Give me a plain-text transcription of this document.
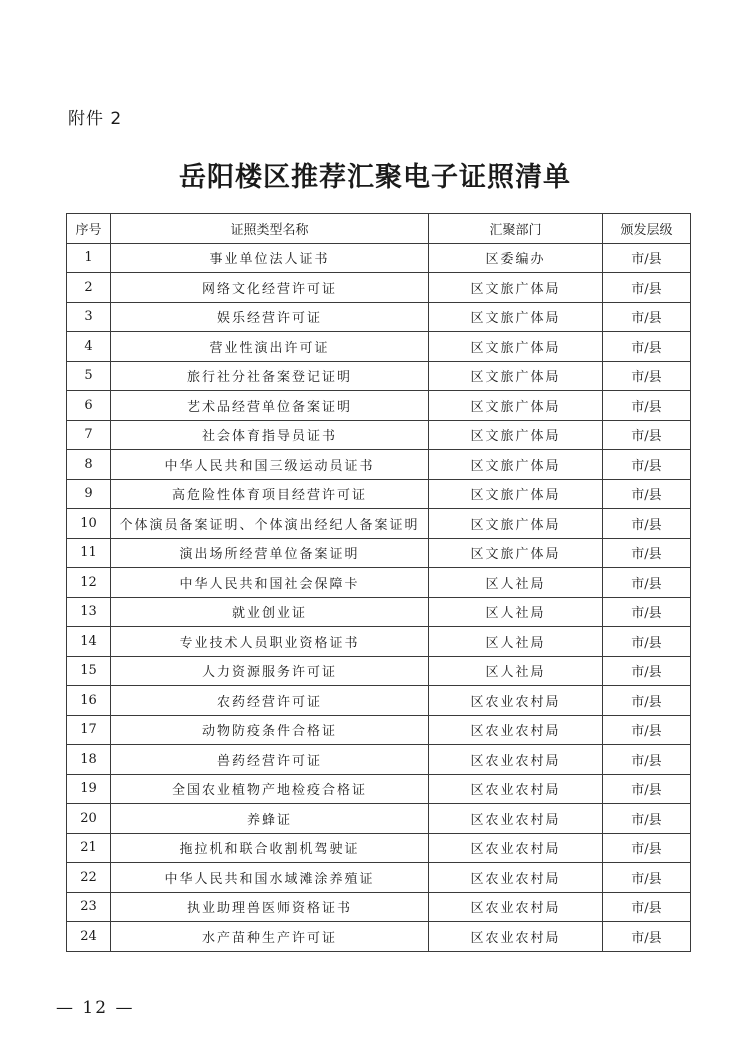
附件 2
岳阳楼区推荐汇聚电子证照清单
序号	证照类型名称	汇聚部门	颁发层级
1	事业单位法人证书	区委编办	市/县
2	网络文化经营许可证	区文旅广体局	市/县
3	娱乐经营许可证	区文旅广体局	市/县
4	营业性演出许可证	区文旅广体局	市/县
5	旅行社分社备案登记证明	区文旅广体局	市/县
6	艺术品经营单位备案证明	区文旅广体局	市/县
7	社会体育指导员证书	区文旅广体局	市/县
8	中华人民共和国三级运动员证书	区文旅广体局	市/县
9	高危险性体育项目经营许可证	区文旅广体局	市/县
10	个体演员备案证明、个体演出经纪人备案证明	区文旅广体局	市/县
11	演出场所经营单位备案证明	区文旅广体局	市/县
12	中华人民共和国社会保障卡	区人社局	市/县
13	就业创业证	区人社局	市/县
14	专业技术人员职业资格证书	区人社局	市/县
15	人力资源服务许可证	区人社局	市/县
16	农药经营许可证	区农业农村局	市/县
17	动物防疫条件合格证	区农业农村局	市/县
18	兽药经营许可证	区农业农村局	市/县
19	全国农业植物产地检疫合格证	区农业农村局	市/县
20	养蜂证	区农业农村局	市/县
21	拖拉机和联合收割机驾驶证	区农业农村局	市/县
22	中华人民共和国水域滩涂养殖证	区农业农村局	市/县
23	执业助理兽医师资格证书	区农业农村局	市/县
24	水产苗种生产许可证	区农业农村局	市/县
— 12 —
